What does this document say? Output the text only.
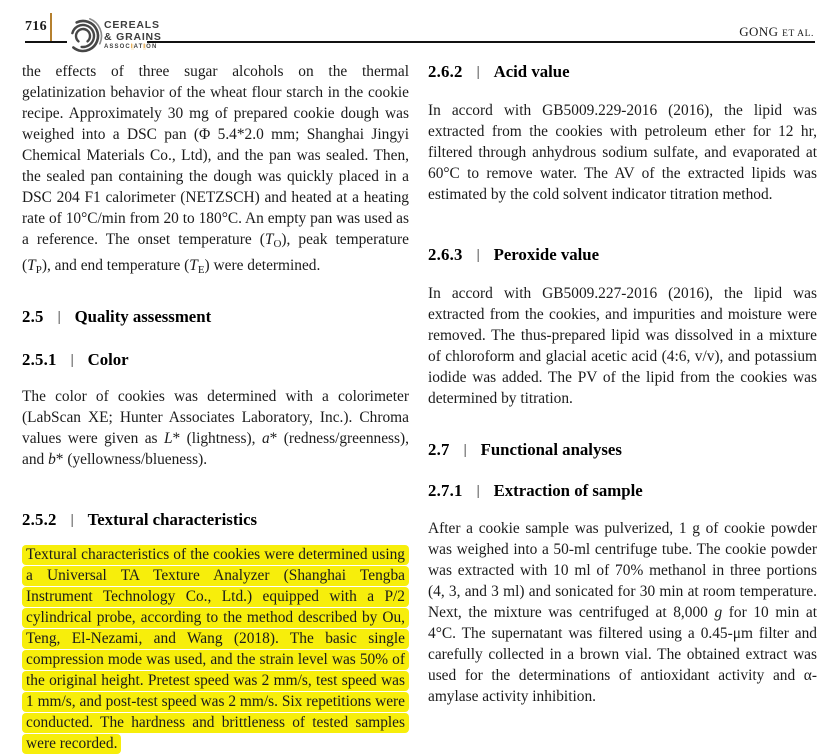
716	CEREALS
& GRAINS
ASSOCIATION
GONG ET AL.

the effects of three sugar alcohols on the thermal gelatinization behavior of the wheat flour starch in the cookie recipe. Approximately 30 mg of prepared cookie dough was weighed into a DSC pan (Φ 5.4*2.0 mm; Shanghai Jingyi Chemical Materials Co., Ltd), and the pan was sealed. Then, the sealed pan containing the dough was quickly placed in a DSC 204 F1 calorimeter (NETZSCH) and heated at a heating rate of 10°C/min from 20 to 180°C. An empty pan was used as a reference. The onset temperature (TO), peak temperature (TP), and end temperature (TE) were determined.

2.5 | Quality assessment
2.5.1 | Color

The color of cookies was determined with a colorimeter (LabScan XE; Hunter Associates Laboratory, Inc.). Chroma values were given as L* (lightness), a* (redness/greenness), and b* (yellowness/blueness).

2.5.2 | Textural characteristics

Textural characteristics of the cookies were determined using a Universal TA Texture Analyzer (Shanghai Tengba Instrument Technology Co., Ltd.) equipped with a P/2 cylindrical probe, according to the method described by Ou, Teng, El-Nezami, and Wang (2018). The basic single compression mode was used, and the strain level was 50% of the original height. Pretest speed was 2 mm/s, test speed was 1 mm/s, and post-test speed was 2 mm/s. Six repetitions were conducted. The hardness and brittleness of tested samples were recorded.

2.6.2 | Acid value

In accord with GB5009.229-2016 (2016), the lipid was extracted from the cookies with petroleum ether for 12 hr, filtered through anhydrous sodium sulfate, and evaporated at 60°C to remove water. The AV of the extracted lipids was estimated by the cold solvent indicator titration method.

2.6.3 | Peroxide value

In accord with GB5009.227-2016 (2016), the lipid was extracted from the cookies, and impurities and moisture were removed. The thus-prepared lipid was dissolved in a mixture of chloroform and glacial acetic acid (4:6, v/v), and potassium iodide was added. The PV of the lipid from the cookies was determined by titration.

2.7 | Functional analyses
2.7.1 | Extraction of sample

After a cookie sample was pulverized, 1 g of cookie powder was weighed into a 50-ml centrifuge tube. The cookie powder was extracted with 10 ml of 70% methanol in three portions (4, 3, and 3 ml) and sonicated for 30 min at room temperature. Next, the mixture was centrifuged at 8,000 g for 10 min at 4°C. The supernatant was filtered using a 0.45-μm filter and carefully collected in a brown vial. The obtained extract was used for the determinations of antioxidant activity and α-amylase activity inhibition.
